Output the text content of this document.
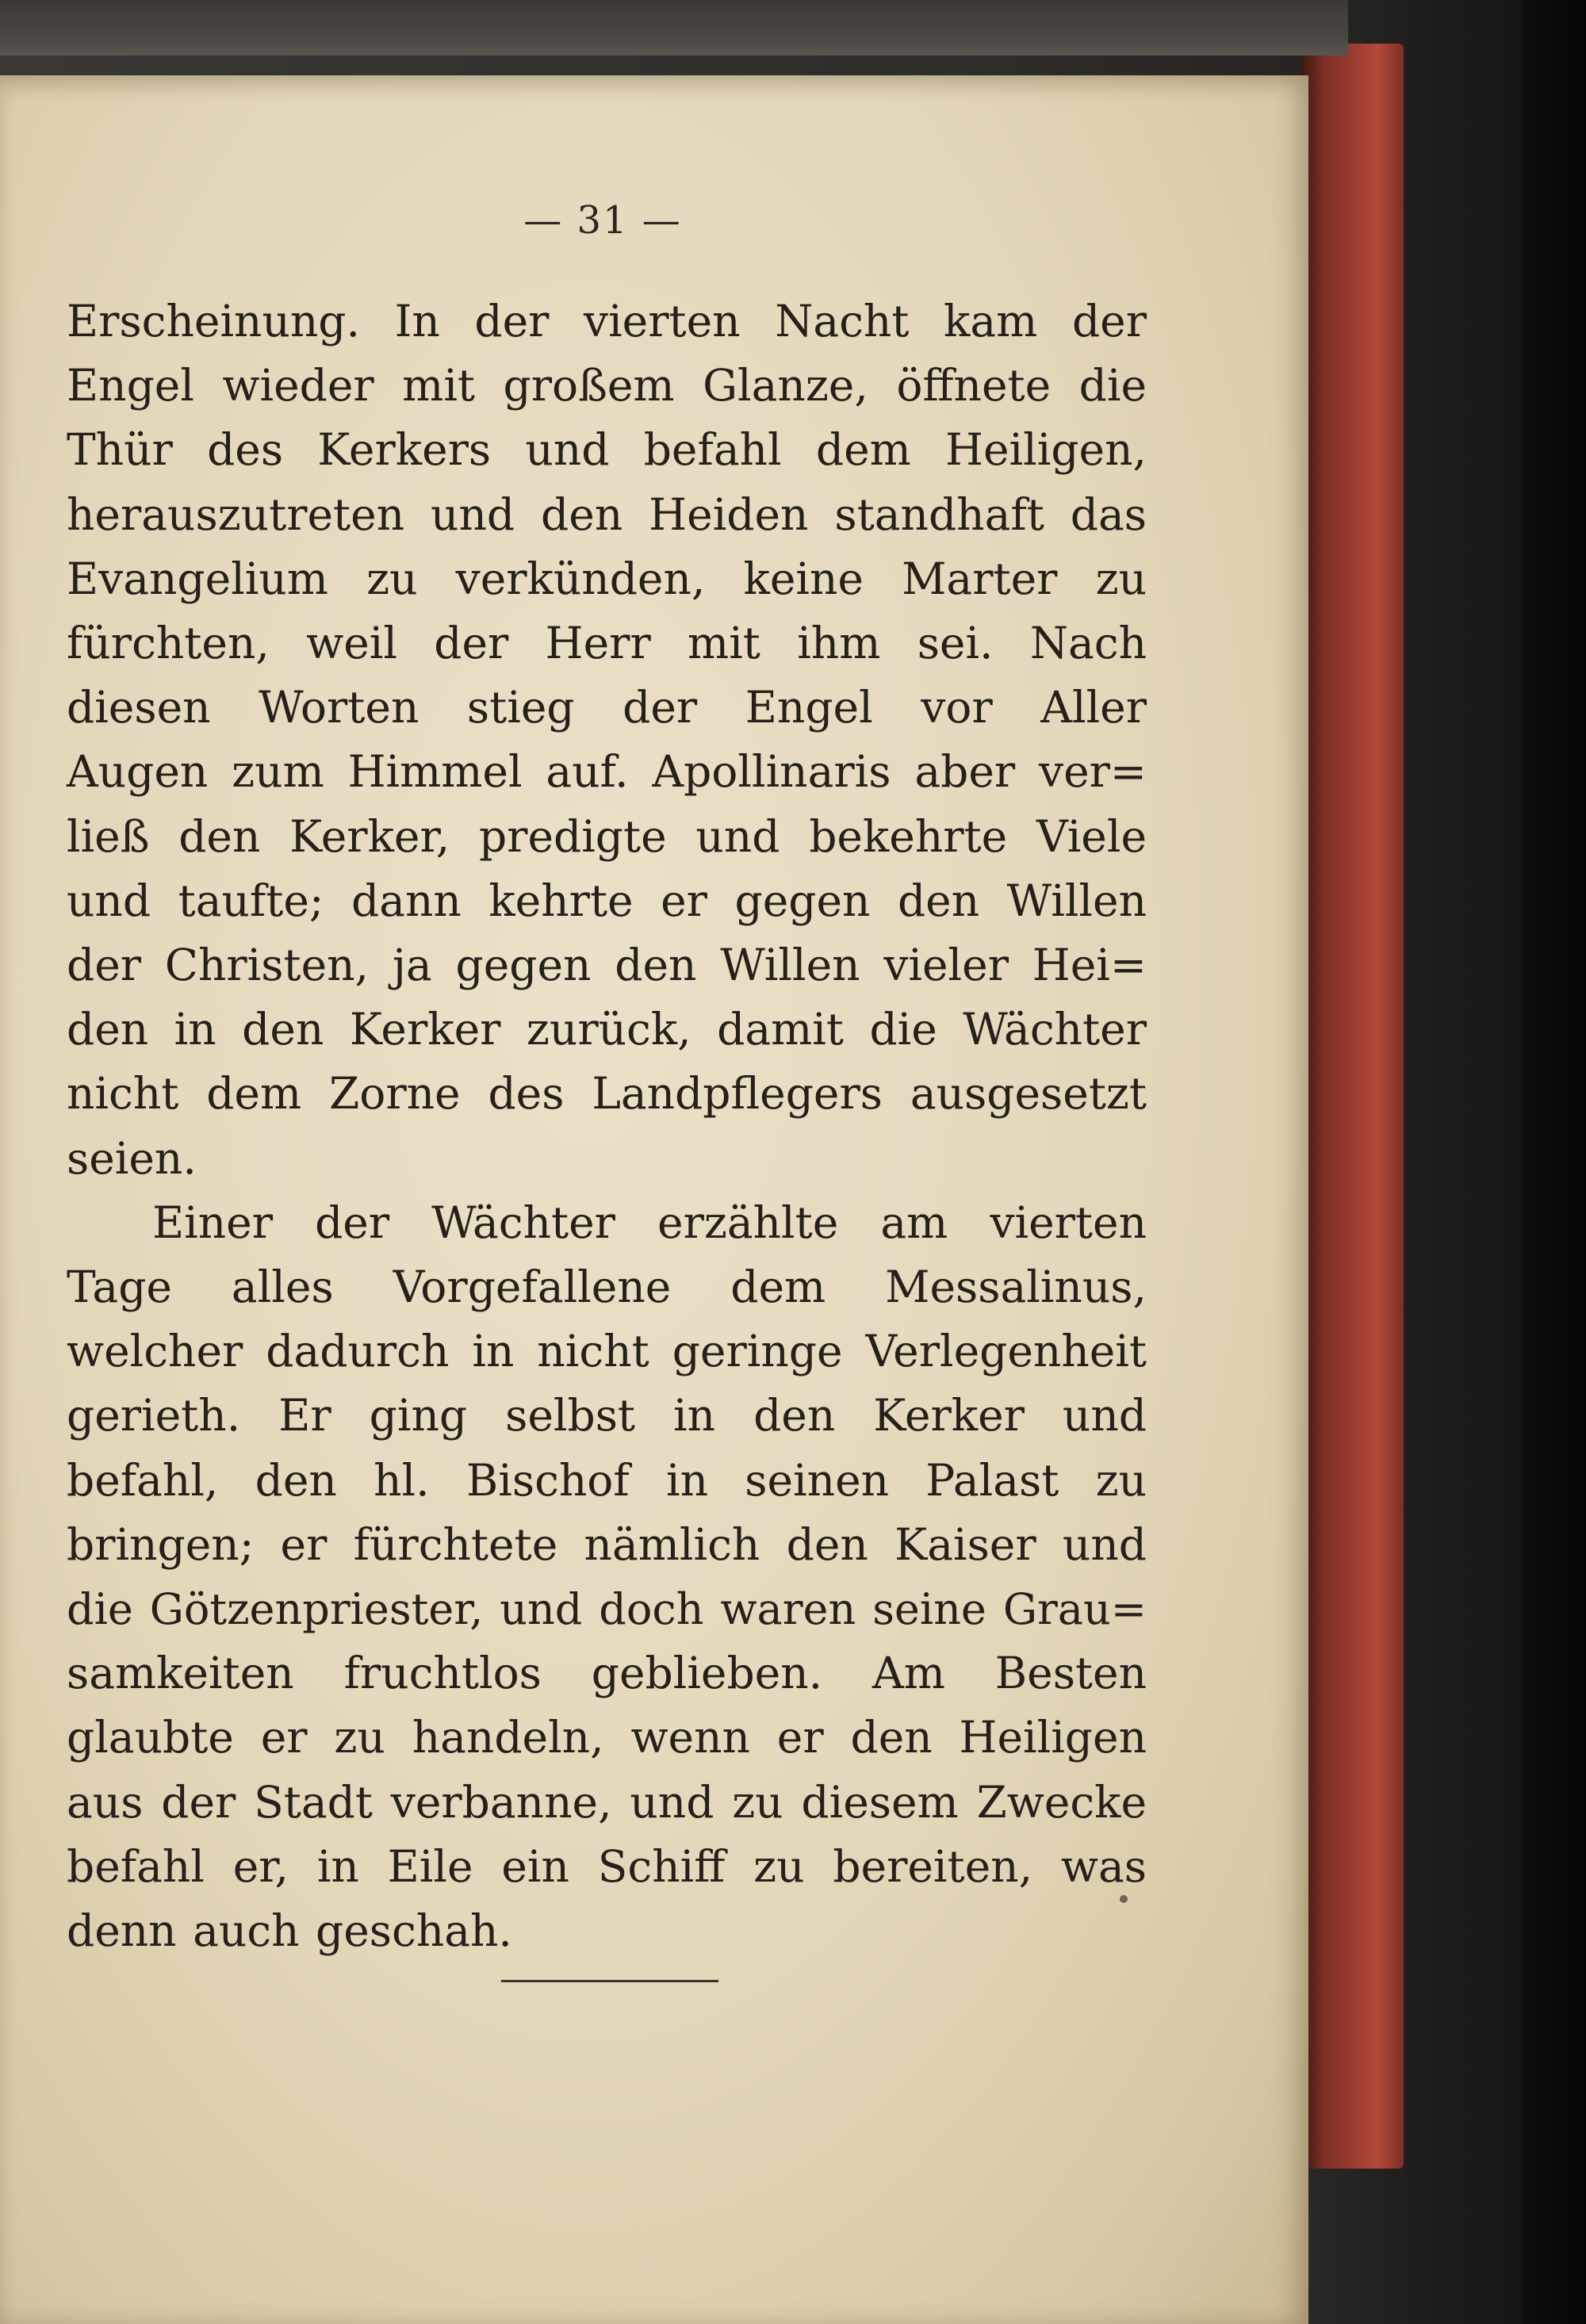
— 31 —

Erscheinung. In der vierten Nacht kam der
Engel wieder mit großem Glanze, öffnete die
Thür des Kerkers und befahl dem Heiligen,
herauszutreten und den Heiden standhaft das
Evangelium zu verkünden, keine Marter zu
fürchten, weil der Herr mit ihm sei. Nach
diesen Worten stieg der Engel vor Aller
Augen zum Himmel auf. Apollinaris aber ver=
ließ den Kerker, predigte und bekehrte Viele
und taufte; dann kehrte er gegen den Willen
der Christen, ja gegen den Willen vieler Hei=
den in den Kerker zurück, damit die Wächter
nicht dem Zorne des Landpflegers ausgesetzt
seien.

Einer der Wächter erzählte am vierten
Tage alles Vorgefallene dem Messalinus,
welcher dadurch in nicht geringe Verlegenheit
gerieth. Er ging selbst in den Kerker und
befahl, den hl. Bischof in seinen Palast zu
bringen; er fürchtete nämlich den Kaiser und
die Götzenpriester, und doch waren seine Grau=
samkeiten fruchtlos geblieben. Am Besten
glaubte er zu handeln, wenn er den Heiligen
aus der Stadt verbanne, und zu diesem Zwecke
befahl er, in Eile ein Schiff zu bereiten, was
denn auch geschah.
